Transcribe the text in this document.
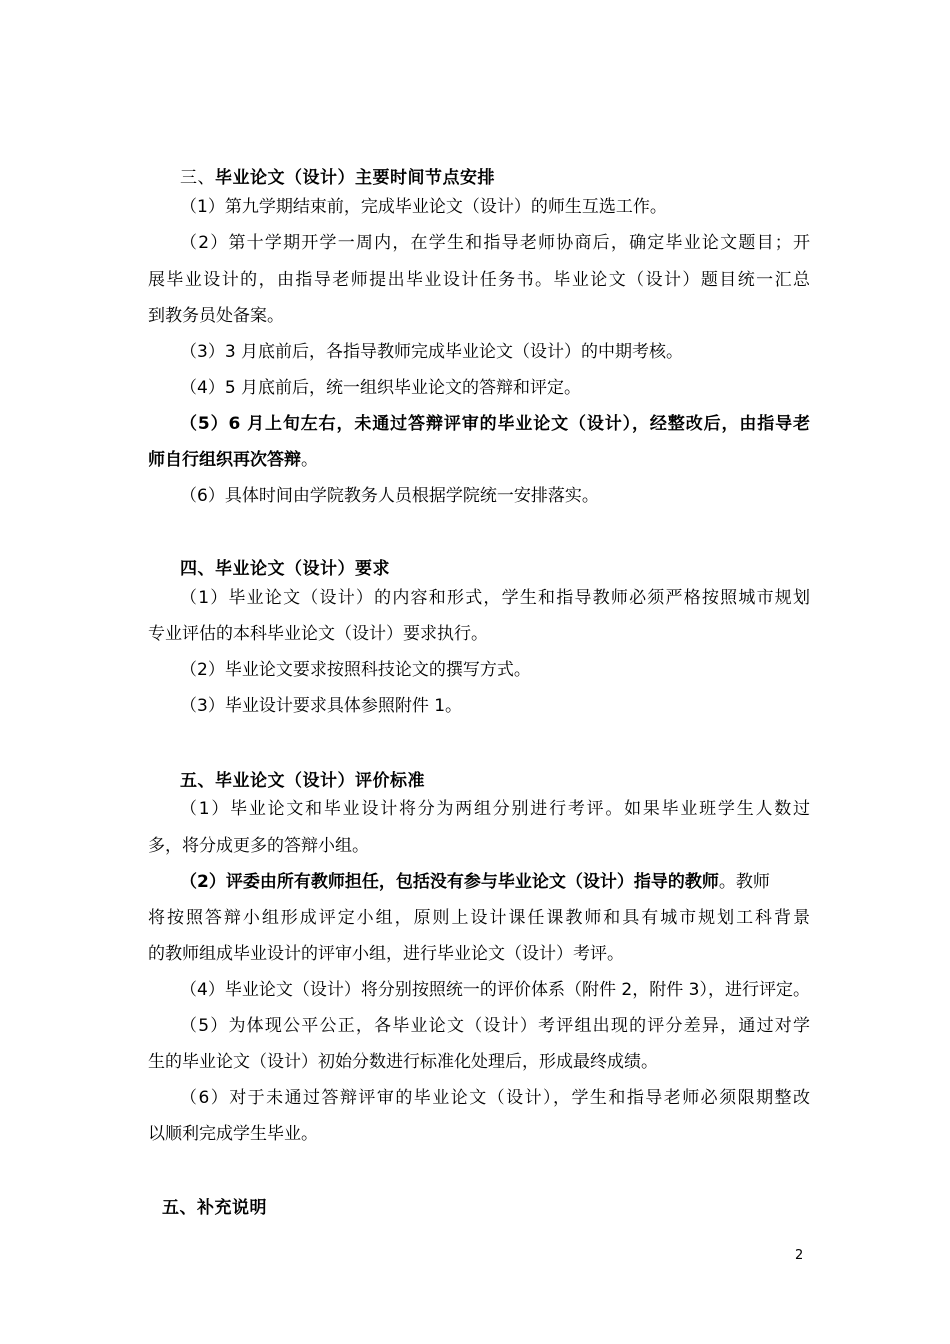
三、毕业论文（设计）主要时间节点安排
（1）第九学期结束前，完成毕业论文（设计）的师生互选工作。
（2）第十学期开学一周内，在学生和指导老师协商后，确定毕业论文题目；开
展毕业设计的，由指导老师提出毕业设计任务书。毕业论文（设计）题目统一汇总
到教务员处备案。
（3）3 月底前后，各指导教师完成毕业论文（设计）的中期考核。
（4）5 月底前后，统一组织毕业论文的答辩和评定。
（5）6 月上旬左右，未通过答辩评审的毕业论文（设计），经整改后，由指导老
师自行组织再次答辩。
（6）具体时间由学院教务人员根据学院统一安排落实。
四、毕业论文（设计）要求
（1）毕业论文（设计）的内容和形式，学生和指导教师必须严格按照城市规划
专业评估的本科毕业论文（设计）要求执行。
（2）毕业论文要求按照科技论文的撰写方式。
（3）毕业设计要求具体参照附件 1。
五、毕业论文（设计）评价标准
（1）毕业论文和毕业设计将分为两组分别进行考评。如果毕业班学生人数过
多，将分成更多的答辩小组。
（2）评委由所有教师担任，包括没有参与毕业论文（设计）指导的教师。教师
将按照答辩小组形成评定小组，原则上设计课任课教师和具有城市规划工科背景
的教师组成毕业设计的评审小组，进行毕业论文（设计）考评。
（4）毕业论文（设计）将分别按照统一的评价体系（附件 2，附件 3），进行评定。
（5）为体现公平公正，各毕业论文（设计）考评组出现的评分差异，通过对学
生的毕业论文（设计）初始分数进行标准化处理后，形成最终成绩。
（6）对于未通过答辩评审的毕业论文（设计），学生和指导老师必须限期整改
以顺利完成学生毕业。
五、补充说明
2
